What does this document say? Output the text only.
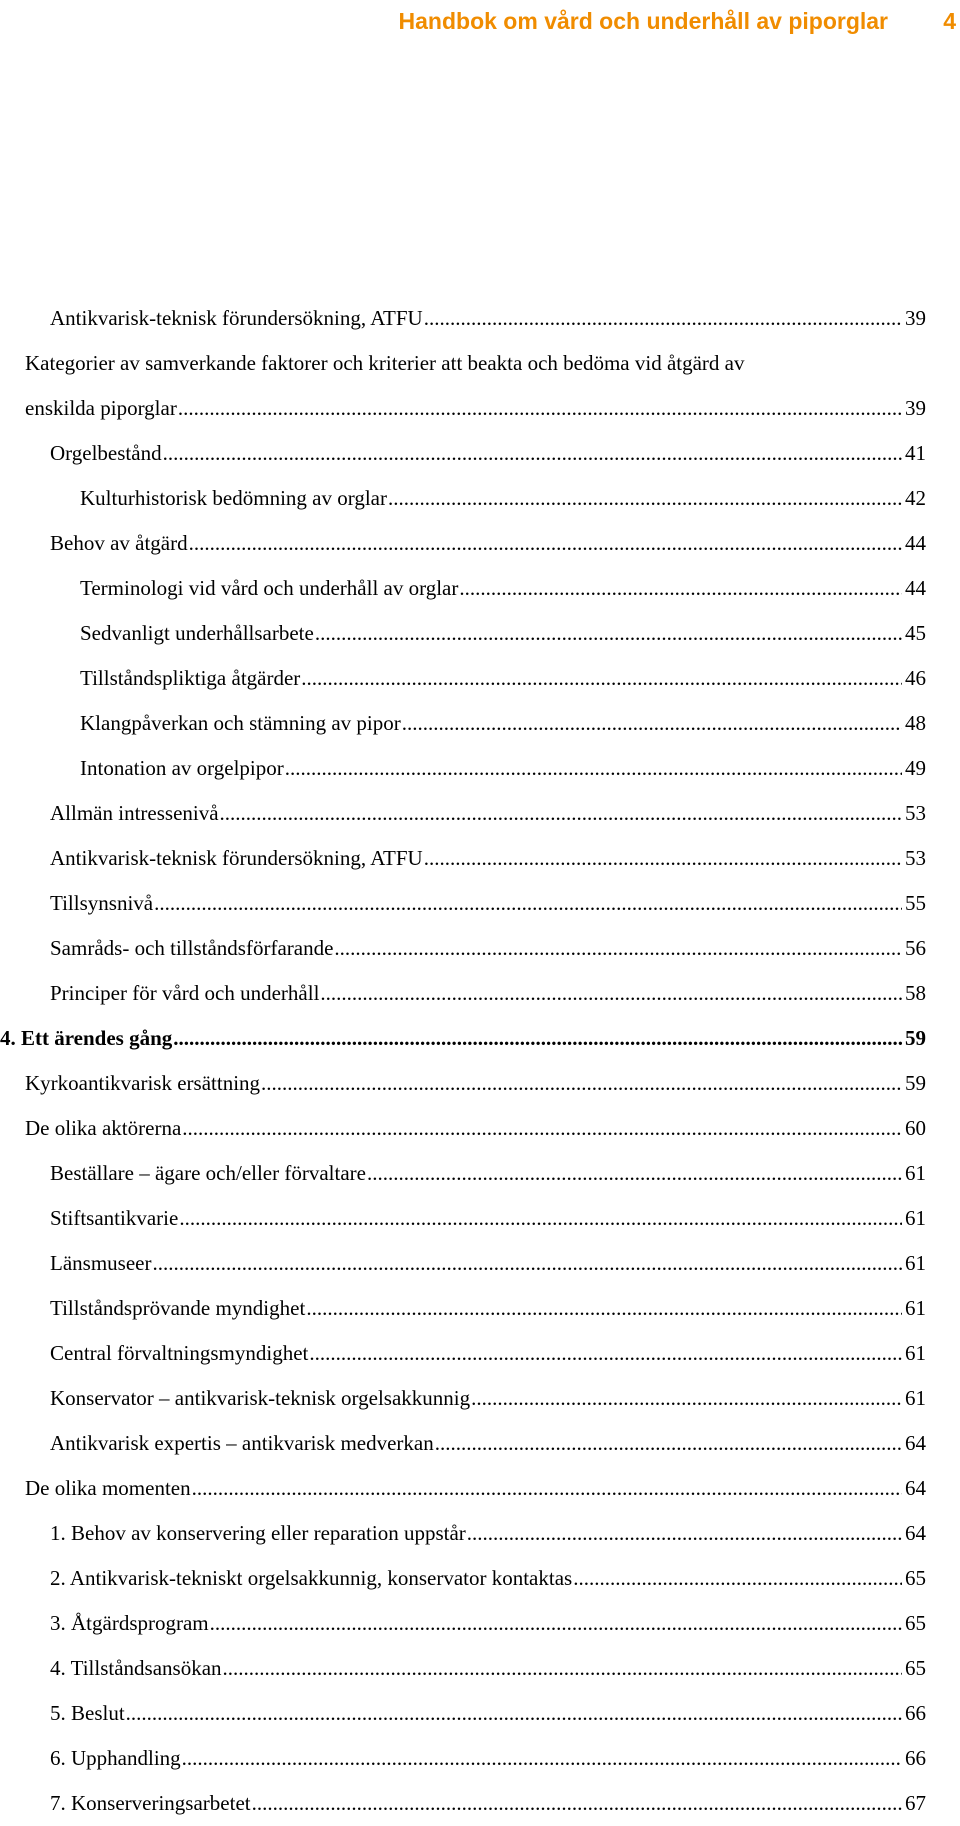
Handbok om vård och underhåll av piporglar 4
Antikvarisk-teknisk förundersökning, ATFU .....	39
Kategorier av samverkande faktorer och kriterier att beakta och bedöma vid åtgärd av
enskilda piporglar .....	39
Orgelbestånd .....	41
Kulturhistorisk bedömning av orglar .....	42
Behov av åtgärd .....	44
Terminologi vid vård och underhåll av orglar .....	44
Sedvanligt underhållsarbete .....	45
Tillståndspliktiga åtgärder .....	46
Klangpåverkan och stämning av pipor .....	48
Intonation av orgelpipor .....	49
Allmän intressenivå .....	53
Antikvarisk-teknisk förundersökning, ATFU .....	53
Tillsynsnivå .....	55
Samråds- och tillståndsförfarande .....	56
Principer för vård och underhåll .....	58
4. Ett ärendes gång .....	59
Kyrkoantikvarisk ersättning .....	59
De olika aktörerna .....	60
Beställare – ägare och/eller förvaltare .....	61
Stiftsantikvarie .....	61
Länsmuseer .....	61
Tillståndsprövande myndighet .....	61
Central förvaltningsmyndighet .....	61
Konservator – antikvarisk-teknisk orgelsakkunnig .....	61
Antikvarisk expertis – antikvarisk medverkan .....	64
De olika momenten .....	64
1. Behov av konservering eller reparation uppstår .....	64
2. Antikvarisk-tekniskt orgelsakkunnig, konservator kontaktas .....	65
3. Åtgärdsprogram .....	65
4. Tillståndsansökan .....	65
5. Beslut .....	66
6. Upphandling .....	66
7. Konserveringsarbetet .....	67
